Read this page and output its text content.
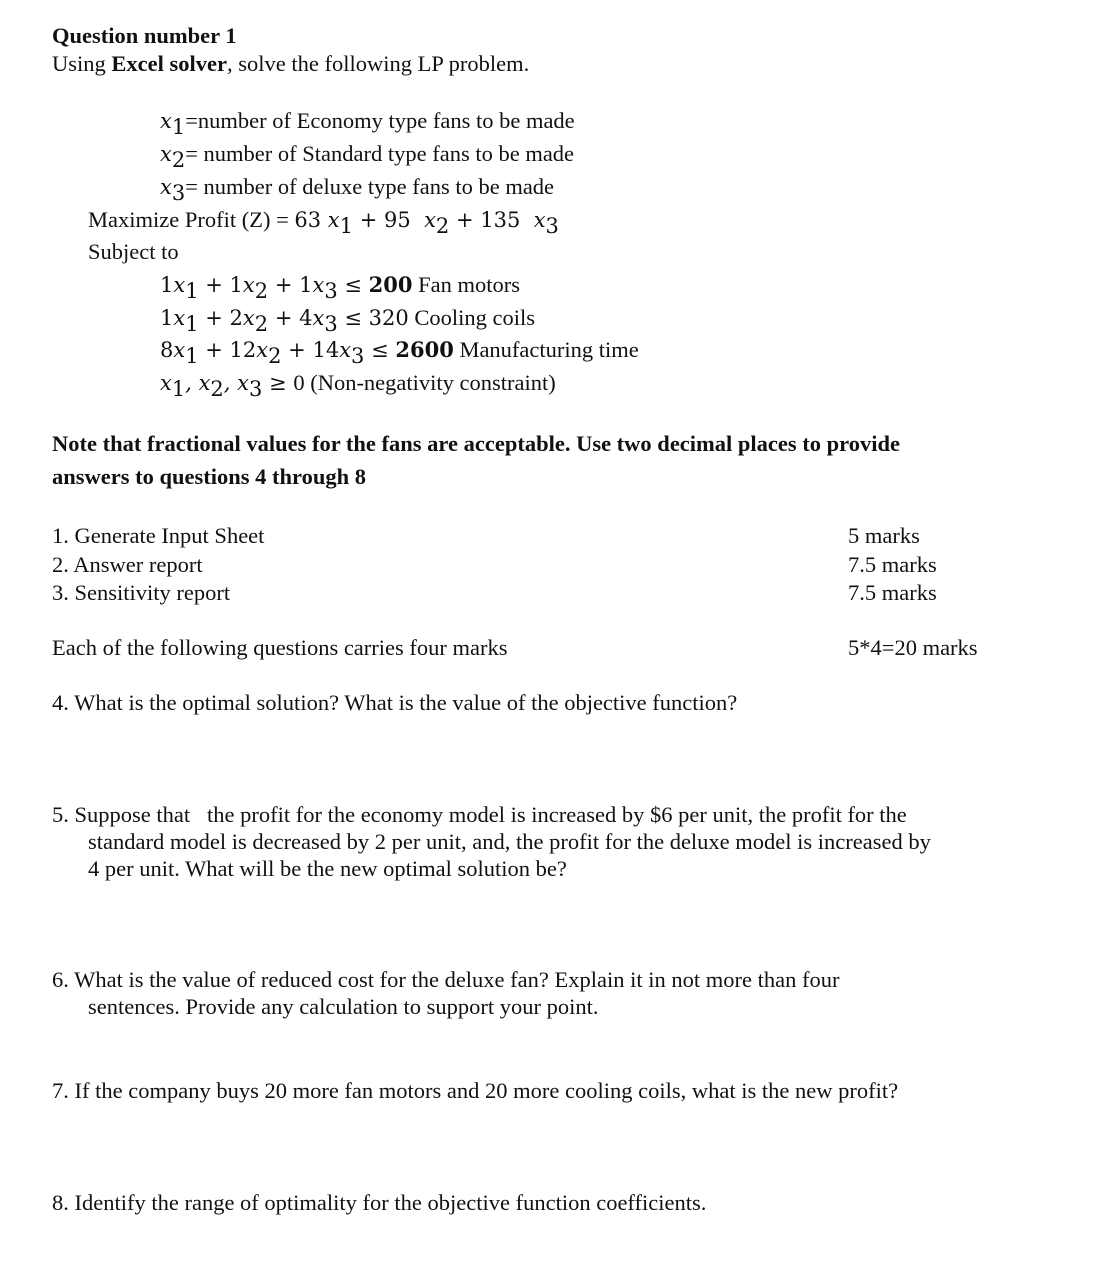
Question number 1
Using Excel solver, solve the following LP problem.
$x_1=number$ of Economy type fans to be made
$x_2=$ number of Standard type fans to be made
$x_3=$ number of deluxe type fans to be made
Maximize Profit (Z) = 63 $x_1 + 95$  $x_2 + 135$  $x_3$
Subject to
$1x_1 + 1x_2 + 1x_3 \le 200$ Fan motors
$1x_1 + 2x_2 + 4x_3 \le 320$ Cooling coils
$8x_1 + 12x_2 + 14x_3 \le 2600$ Manufacturing time
$x_1$, $x_2$, $x_3 \ge 0$ (Non-negativity constraint)
Note that fractional values for the fans are acceptable. Use two decimal places to provide
answers to questions 4 through 8
1. Generate Input Sheet	5 marks
2. Answer report	7.5 marks
3. Sensitivity report	7.5 marks
Each of the following questions carries four marks	5*4=20 marks
4. What is the optimal solution? What is the value of the objective function?
5. Suppose that   the profit for the economy model is increased by $6 per unit, the profit for the
standard model is decreased by 2 per unit, and, the profit for the deluxe model is increased by
4 per unit. What will be the new optimal solution be?
6. What is the value of reduced cost for the deluxe fan? Explain it in not more than four
sentences. Provide any calculation to support your point.
7. If the company buys 20 more fan motors and 20 more cooling coils, what is the new profit?
8. Identify the range of optimality for the objective function coefficients.
